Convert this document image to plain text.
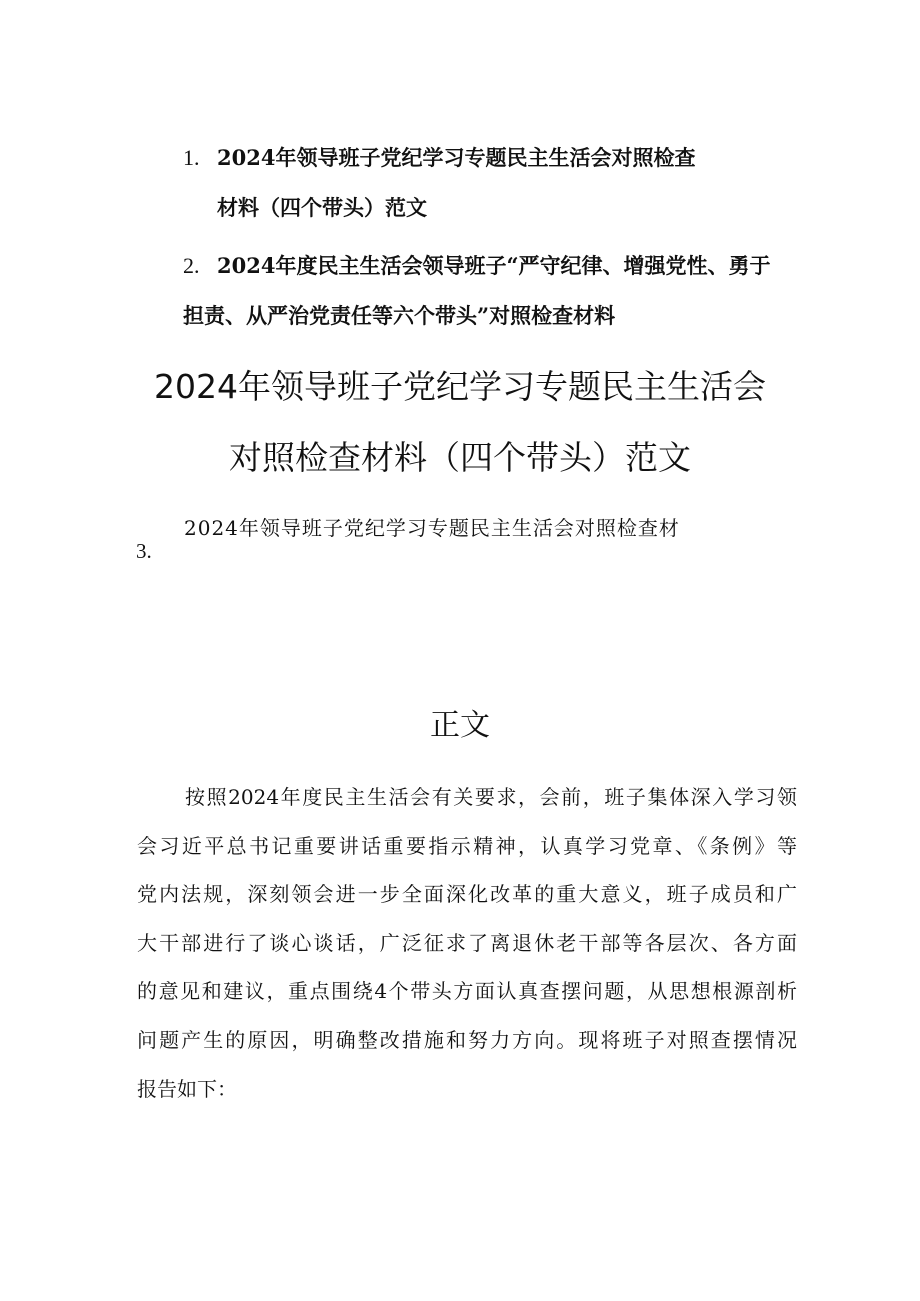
1. 2024年领导班子党纪学习专题民主生活会对照检查
材料（四个带头）范文
2. 2024年度民主生活会领导班子“严守纪律、增强党性、勇于
担责、从严治党责任等六个带头”对照检查材料
2024年领导班子党纪学习专题民主生活会
对照检查材料（四个带头）范文
2024年领导班子党纪学习专题民主生活会对照检查材
3.
正文
按照2024年度民主生活会有关要求，会前，班子集体深入学习领
会习近平总书记重要讲话重要指示精神，认真学习党章、《条例》等
党内法规，深刻领会进一步全面深化改革的重大意义，班子成员和广
大干部进行了谈心谈话，广泛征求了离退休老干部等各层次、各方面
的意见和建议，重点围绕4个带头方面认真查摆问题，从思想根源剖析
问题产生的原因，明确整改措施和努力方向。现将班子对照查摆情况
报告如下：
